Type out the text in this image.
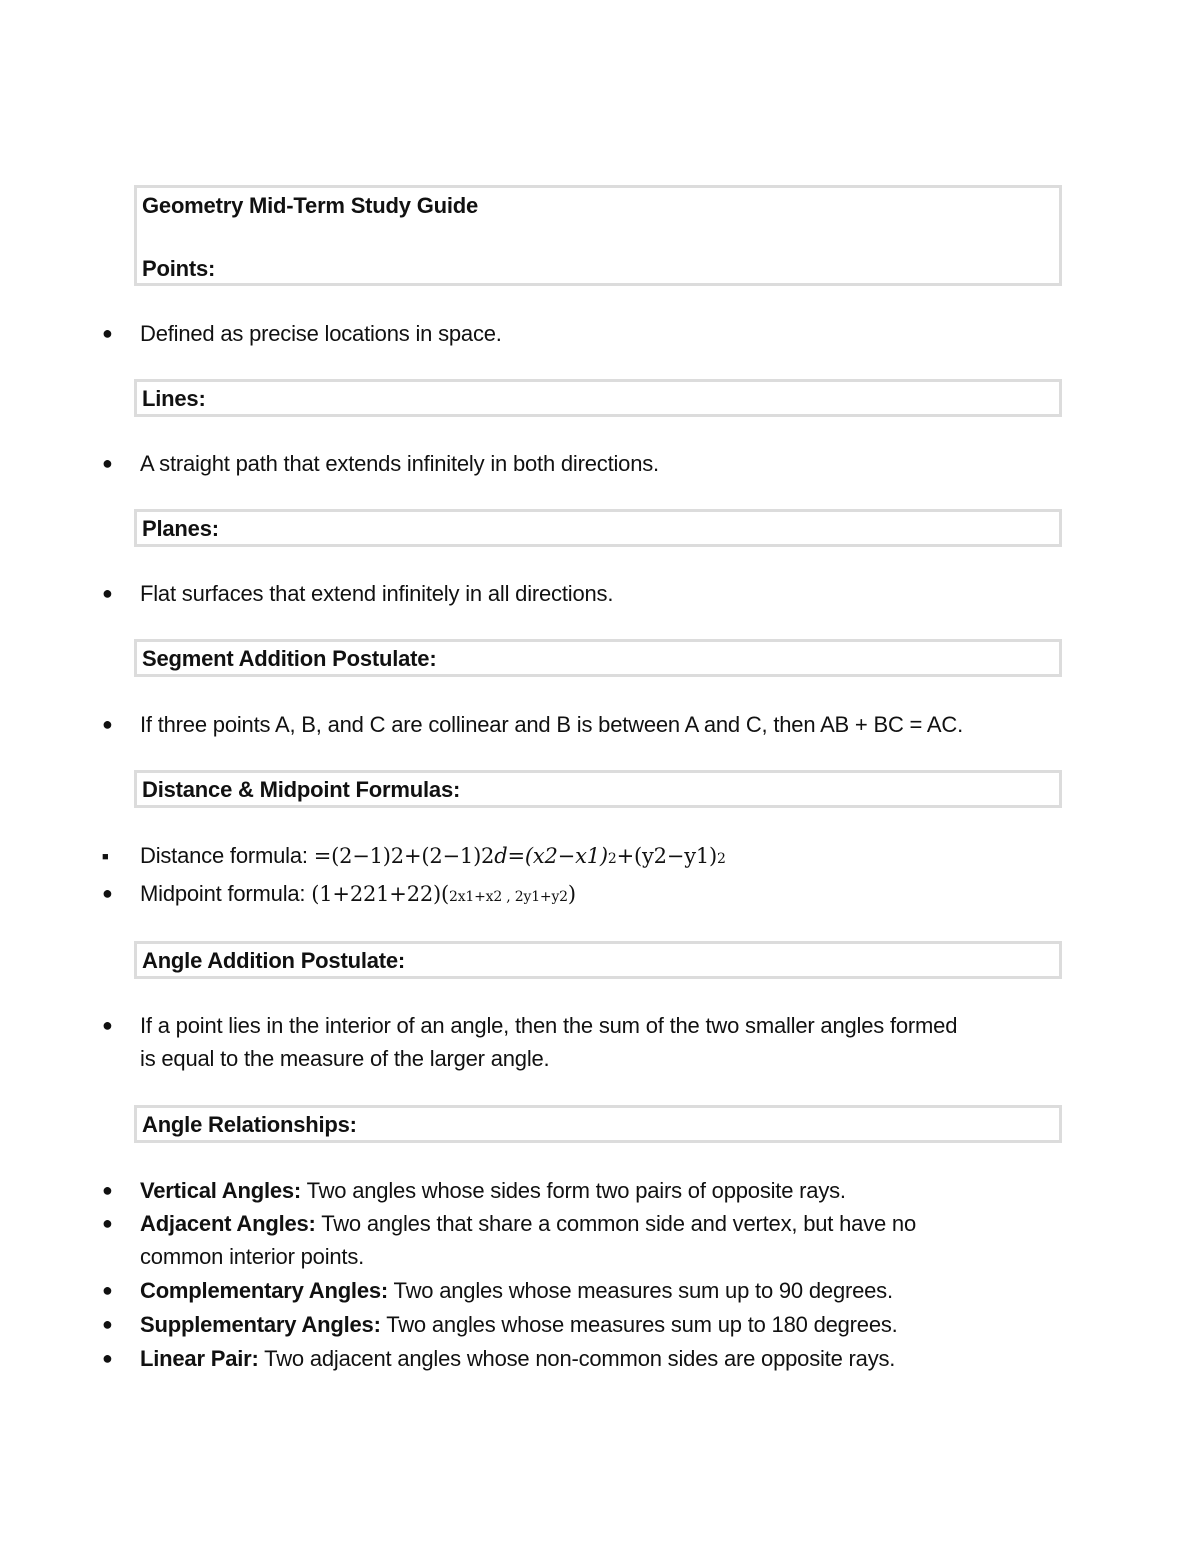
Geometry Mid-Term Study Guide
Points:
●	Defined as precise locations in space.
Lines:
●	A straight path that extends infinitely in both directions.
Planes:
●	Flat surfaces that extend infinitely in all directions.
Segment Addition Postulate:
●	If three points A, B, and C are collinear and B is between A and C, then AB + BC = AC.
Distance & Midpoint Formulas:
■	Distance formula: =(2−1)2+(2−1)2d=(x2−x1)2+(y2−y1)2
●	Midpoint formula: (1+221+22)(2x1+x2 , 2y1+y2)
Angle Addition Postulate:
●	If a point lies in the interior of an angle, then the sum of the two smaller angles formed
is equal to the measure of the larger angle.
Angle Relationships:
●	Vertical Angles: Two angles whose sides form two pairs of opposite rays.
●	Adjacent Angles: Two angles that share a common side and vertex, but have no
common interior points.
●	Complementary Angles: Two angles whose measures sum up to 90 degrees.
●	Supplementary Angles: Two angles whose measures sum up to 180 degrees.
●	Linear Pair: Two adjacent angles whose non-common sides are opposite rays.
